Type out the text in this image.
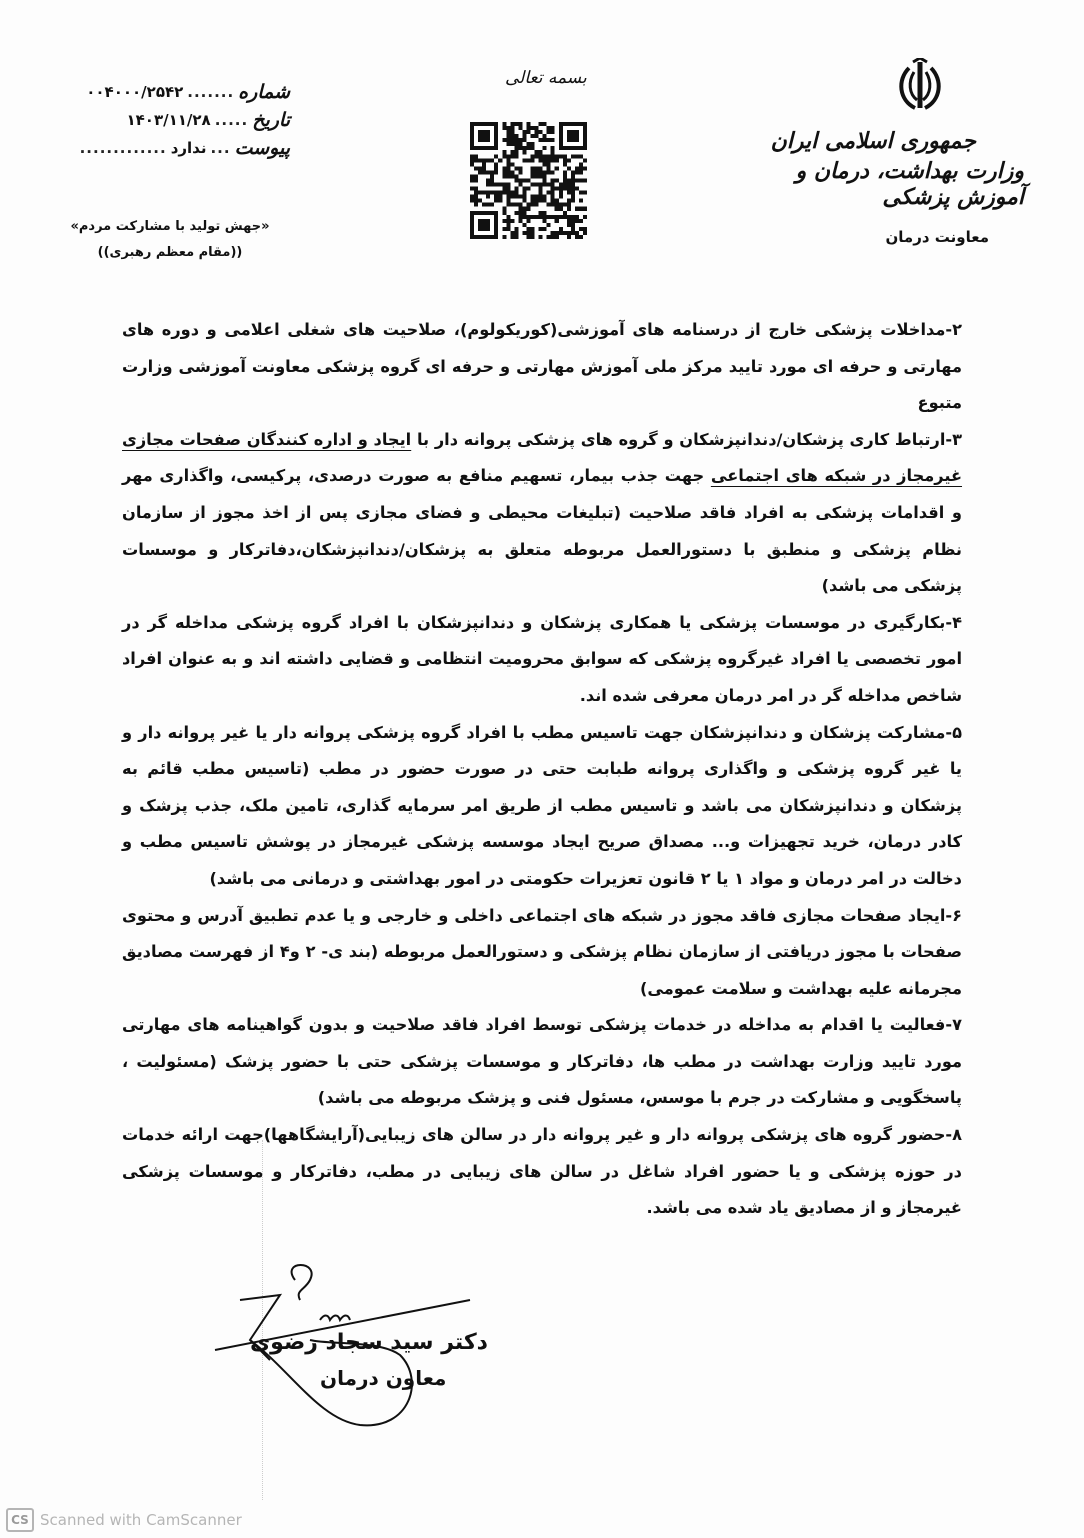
جمهوری اسلامی ایران
وزارت بهداشت، درمان و آموزش پزشکی
معاونت درمان
بسمه تعالی
شماره
.......
۰۰۴۰۰۰/۲۵۴۲
تاریخ
.....
۱۴۰۳/۱۱/۲۸
پیوست
...
ندارد
.............
«جهش تولید با مشارکت مردم»
((مقام معظم رهبری))

۲-مداخلات پزشکی خارج از درسنامه های آموزشی(کوریکولوم)، صلاحیت های شغلی اعلامی و دوره های مهارتی و حرفه ای مورد تایید مرکز ملی آموزش مهارتی و حرفه ای گروه پزشکی معاونت آموزشی وزارت متبوع

۳-ارتباط کاری پزشکان/دندانپزشکان و گروه های پزشکی پروانه دار با ایجاد و اداره کنندگان صفحات مجازی غیرمجاز در شبکه های اجتماعی جهت جذب بیمار، تسهیم منافع به صورت درصدی، پرکیسی، واگذاری مهر و اقدامات پزشکی به افراد فاقد صلاحیت (تبلیغات محیطی و فضای مجازی پس از اخذ مجوز از سازمان نظام پزشکی و منطبق با دستورالعمل مربوطه متعلق به پزشکان/دندانپزشکان،دفاترکار و موسسات پزشکی می باشد)

۴-بکارگیری در موسسات پزشکی یا همکاری پزشکان و دندانپزشکان با افراد گروه پزشکی مداخله گر در امور تخصصی یا افراد غیرگروه پزشکی که سوابق محرومیت انتظامی و قضایی داشته اند و به عنوان افراد شاخص مداخله گر در امر درمان معرفی شده اند.

۵-مشارکت پزشکان و دندانپزشکان جهت تاسیس مطب با افراد گروه پزشکی پروانه دار یا غیر پروانه دار و یا غیر گروه پزشکی و واگذاری پروانه طبابت حتی در صورت حضور در مطب (تاسیس مطب قائم به پزشکان و دندانپزشکان می باشد و تاسیس مطب از طریق امر سرمایه گذاری، تامین ملک، جذب پزشک و کادر درمان، خرید تجهیزات و... مصداق صریح ایجاد موسسه پزشکی غیرمجاز در پوشش تاسیس مطب و دخالت در امر درمان و مواد ۱ یا ۲ قانون تعزیرات حکومتی در امور بهداشتی و درمانی می باشد)

۶-ایجاد صفحات مجازی فاقد مجوز در شبکه های اجتماعی داخلی و خارجی و یا عدم تطبیق آدرس و محتوی صفحات با مجوز دریافتی از سازمان نظام پزشکی و دستورالعمل مربوطه (بند ی- ۲ و۴ از فهرست مصادیق مجرمانه علیه بهداشت و سلامت عمومی)

۷-فعالیت یا اقدام به مداخله در خدمات پزشکی توسط افراد فاقد صلاحیت و بدون گواهینامه های مهارتی مورد تایید وزارت بهداشت در مطب ها، دفاترکار و موسسات پزشکی حتی با حضور پزشک (مسئولیت ، پاسخگویی و مشارکت در جرم با موسس، مسئول فنی و پزشک مربوطه می باشد)

۸-حضور گروه های پزشکی پروانه دار و غیر پروانه دار در سالن های زیبایی(آرایشگاهها)جهت ارائه خدمات در حوزه پزشکی و یا حضور افراد شاغل در سالن های زیبایی در مطب، دفاترکار و موسسات پزشکی غیرمجاز و از مصادیق یاد شده می باشد.

دکتر سید سجاد رضوی
معاون درمان
CS Scanned with CamScanner
